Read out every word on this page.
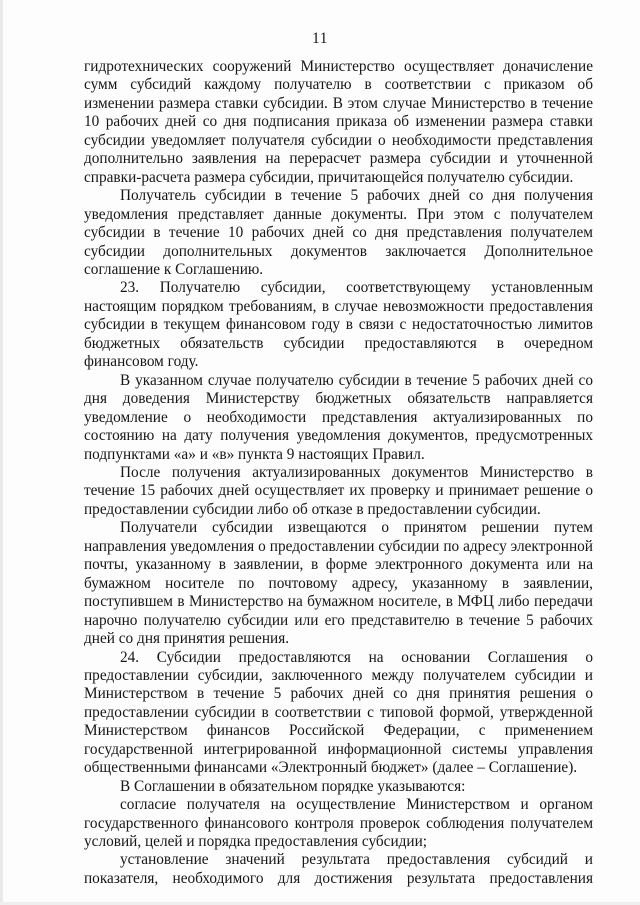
11

гидротехнических сооружений Министерство осуществляет доначисление сумм субсидий каждому получателю в соответствии с приказом об изменении размера ставки субсидии. В этом случае Министерство в течение 10 рабочих дней со дня подписания приказа об изменении размера ставки субсидии уведомляет получателя субсидии о необходимости представления дополнительно заявления на перерасчет размера субсидии и уточненной справки-расчета размера субсидии, причитающейся получателю субсидии.

Получатель субсидии в течение 5 рабочих дней со дня получения уведомления представляет данные документы. При этом с получателем субсидии в течение 10 рабочих дней со дня представления получателем субсидии дополнительных документов заключается Дополнительное соглашение к Соглашению.

23. Получателю субсидии, соответствующему установленным настоящим порядком требованиям, в случае невозможности предоставления субсидии в текущем финансовом году в связи с недостаточностью лимитов бюджетных обязательств субсидии предоставляются в очередном финансовом году.

В указанном случае получателю субсидии в течение 5 рабочих дней со дня доведения Министерству бюджетных обязательств направляется уведомление о необходимости представления актуализированных по состоянию на дату получения уведомления документов, предусмотренных подпунктами «а» и «в» пункта 9 настоящих Правил.

После получения актуализированных документов Министерство в течение 15 рабочих дней осуществляет их проверку и принимает решение о предоставлении субсидии либо об отказе в предоставлении субсидии.

Получатели субсидии извещаются о принятом решении путем направления уведомления о предоставлении субсидии по адресу электронной почты, указанному в заявлении, в форме электронного документа или на бумажном носителе по почтовому адресу, указанному в заявлении, поступившем в Министерство на бумажном носителе, в МФЦ либо передачи нарочно получателю субсидии или его представителю в течение 5 рабочих дней со дня принятия решения.

24. Субсидии предоставляются на основании Соглашения о предоставлении субсидии, заключенного между получателем субсидии и Министерством в течение 5 рабочих дней со дня принятия решения о предоставлении субсидии в соответствии с типовой формой, утвержденной Министерством финансов Российской Федерации, с применением государственной интегрированной информационной системы управления общественными финансами «Электронный бюджет» (далее – Соглашение).

В Соглашении в обязательном порядке указываются:

согласие получателя на осуществление Министерством и органом государственного финансового контроля проверок соблюдения получателем условий, целей и порядка предоставления субсидии;

установление значений результата предоставления субсидий и показателя, необходимого для достижения результата предоставления
